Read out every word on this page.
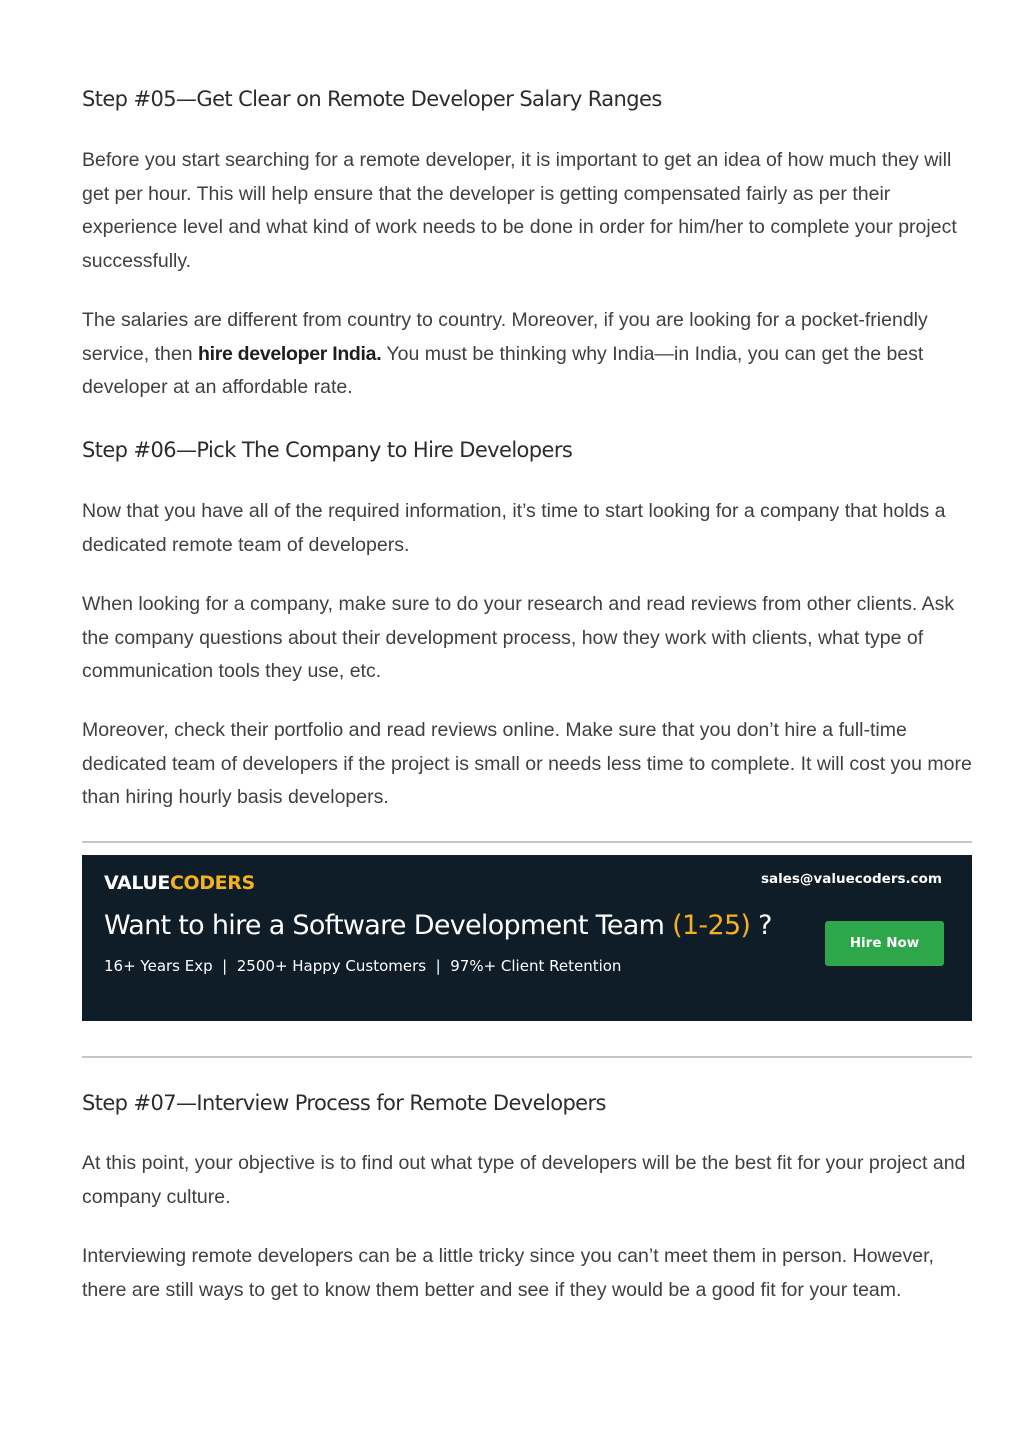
Step #05—Get Clear on Remote Developer Salary Ranges

Before you start searching for a remote developer, it is important to get an idea of how much they will get per hour. This will help ensure that the developer is getting compensated fairly as per their experience level and what kind of work needs to be done in order for him/her to complete your project successfully.

The salaries are different from country to country. Moreover, if you are looking for a pocket-friendly service, then hire developer India. You must be thinking why India—in India, you can get the best developer at an affordable rate.

Step #06—Pick The Company to Hire Developers

Now that you have all of the required information, it’s time to start looking for a company that holds a dedicated remote team of developers.

When looking for a company, make sure to do your research and read reviews from other clients. Ask the company questions about their development process, how they work with clients, what type of communication tools they use, etc.

Moreover, check their portfolio and read reviews online. Make sure that you don’t hire a full-time dedicated team of developers if the project is small or needs less time to complete. It will cost you more than hiring hourly basis developers.

VALUECODERS	sales@valuecoders.com
Want to hire a Software Development Team (1-25) ?
16+ Years Exp  |  2500+ Happy Customers  |  97%+ Client Retention
Hire Now
Step #07—Interview Process for Remote Developers

At this point, your objective is to find out what type of developers will be the best fit for your project and company culture.

Interviewing remote developers can be a little tricky since you can’t meet them in person. However, there are still ways to get to know them better and see if they would be a good fit for your team.
